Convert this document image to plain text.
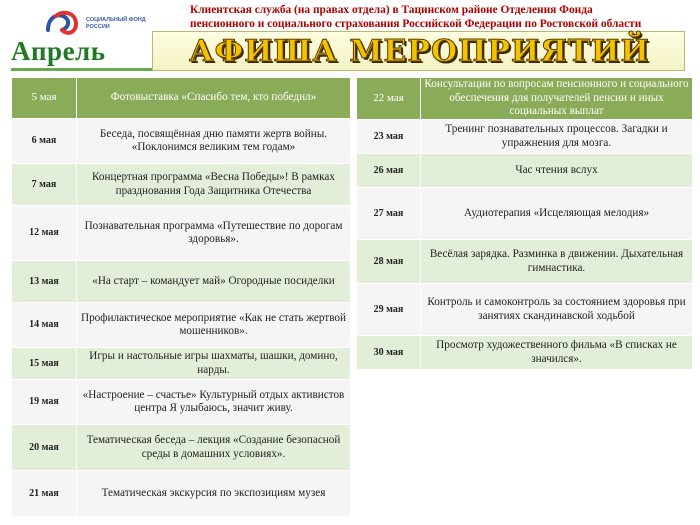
СОЦИАЛЬНЫЙ ФОНД РОССИИ
Клиентская служба (на правах отдела) в Тацинском районе Отделения Фонда
пенсионного и социального страхования Российской Федерации по Ростовской области
Апрель	АФИША МЕРОПРИЯТИЙ
5 мая	Фотовыставка «Спасибо тем, кто победил»
6 мая	Беседа, посвящённая дню памяти жертв войны. «Поклонимся великим тем годам»
7 мая	Концертная программа «Весна Победы»! В рамках празднования Года Защитника Отечества
12 мая	Познавательная программа «Путешествие по дорогам здоровья».
13 мая	«На старт – командует май» Огородные посиделки
14 мая	Профилактическое мероприятие «Как не стать жертвой мошенников».
15 мая	Игры и настольные игры шахматы, шашки, домино, нарды.
19 мая	«Настроение – счастье» Культурный отдых активистов центра Я улыбаюсь, значит живу.
20 мая	Тематическая беседа – лекция «Создание безопасной среды в домашних условиях».
21 мая	Тематическая экскурсия по экспозициям музея
22 мая	Консультации по вопросам пенсионного и социального обеспечения для получателей пенсии и иных социальных выплат

23 мая	Тренинг познавательных процессов. Загадки и упражнения для мозга.
26 мая	Час чтения вслух
27 мая	Аудиотерапия «Исцеляющая мелодия»
28 мая	Весёлая зарядка. Разминка в движении. Дыхательная гимнастика.
29 мая	Контроль и самоконтроль за состоянием здоровья при занятиях скандинавской ходьбой
30 мая	Просмотр художественного фильма «В списках не значился».
